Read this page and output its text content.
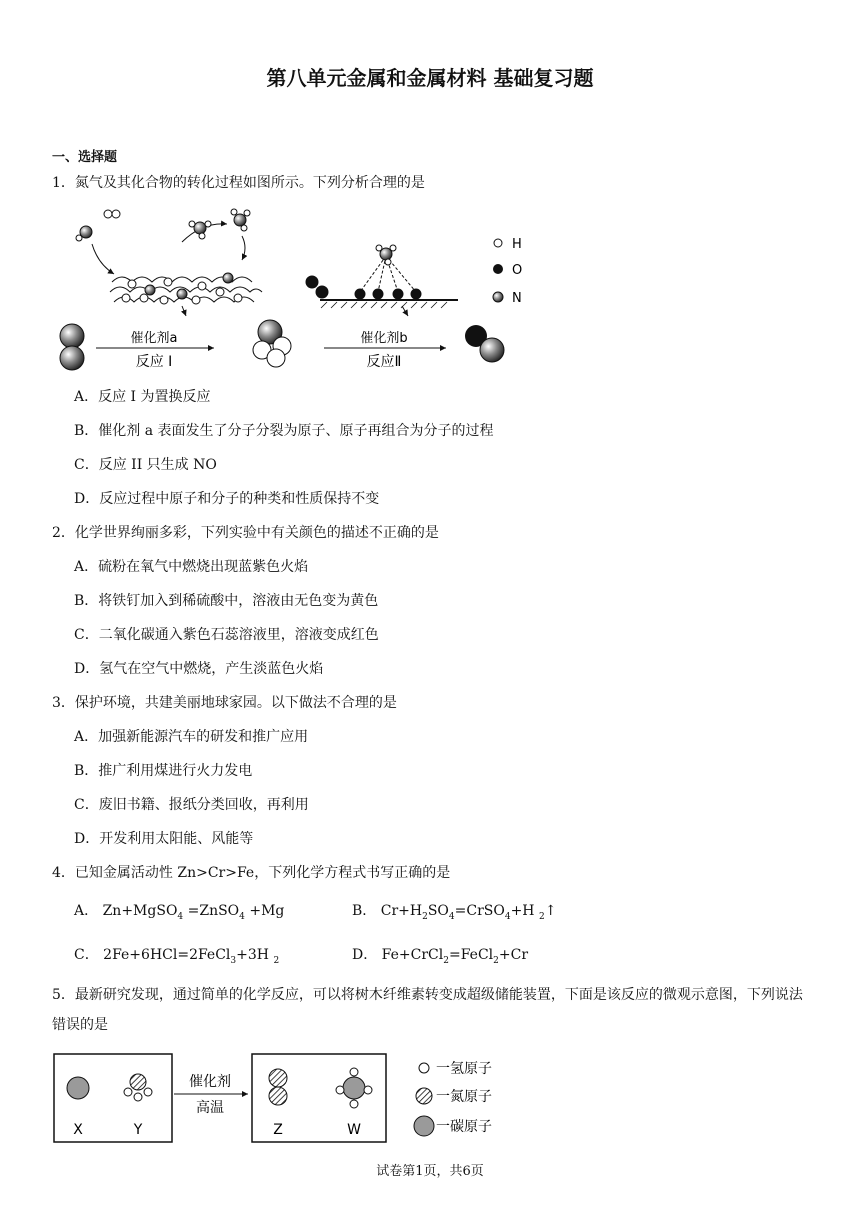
第八单元金属和金属材料 基础复习题
一、选择题
1．氮气及其化合物的转化过程如图所示。下列分析合理的是
H
O
N
催化剂a
反应 I
催化剂b
反应Ⅱ
A．反应 I 为置换反应
B．催化剂 a 表面发生了分子分裂为原子、原子再组合为分子的过程
C．反应 II 只生成 NO
D．反应过程中原子和分子的种类和性质保持不变
2．化学世界绚丽多彩，下列实验中有关颜色的描述不正确的是
A．硫粉在氧气中燃烧出现蓝紫色火焰
B．将铁钉加入到稀硫酸中，溶液由无色变为黄色
C．二氧化碳通入紫色石蕊溶液里，溶液变成红色
D．氢气在空气中燃烧，产生淡蓝色火焰
3．保护环境，共建美丽地球家园。以下做法不合理的是
A．加强新能源汽车的研发和推广应用
B．推广利用煤进行火力发电
C．废旧书籍、报纸分类回收，再利用
D．开发利用太阳能、风能等
4．已知金属活动性 Zn>Cr>Fe，下列化学方程式书写正确的是
A． Zn+MgSO$_4$ =ZnSO$_4$ +Mg	B． $Cr+H_2SO_4=CrSO_4+H$ $_2$↑
C． 2Fe+6HCl=2FeCl$_3$+3H $_2$	D． Fe+CrCl$_2$=FeCl$_2$+Cr
5．最新研究发现，通过简单的化学反应，可以将树木纤维素转变成超级储能装置，下面是该反应的微观示意图，下列说法错误的是
X	Y
催化剂
高温
Z	W
一氢原子
一氮原子
一碳原子
试卷第1页，共6页
